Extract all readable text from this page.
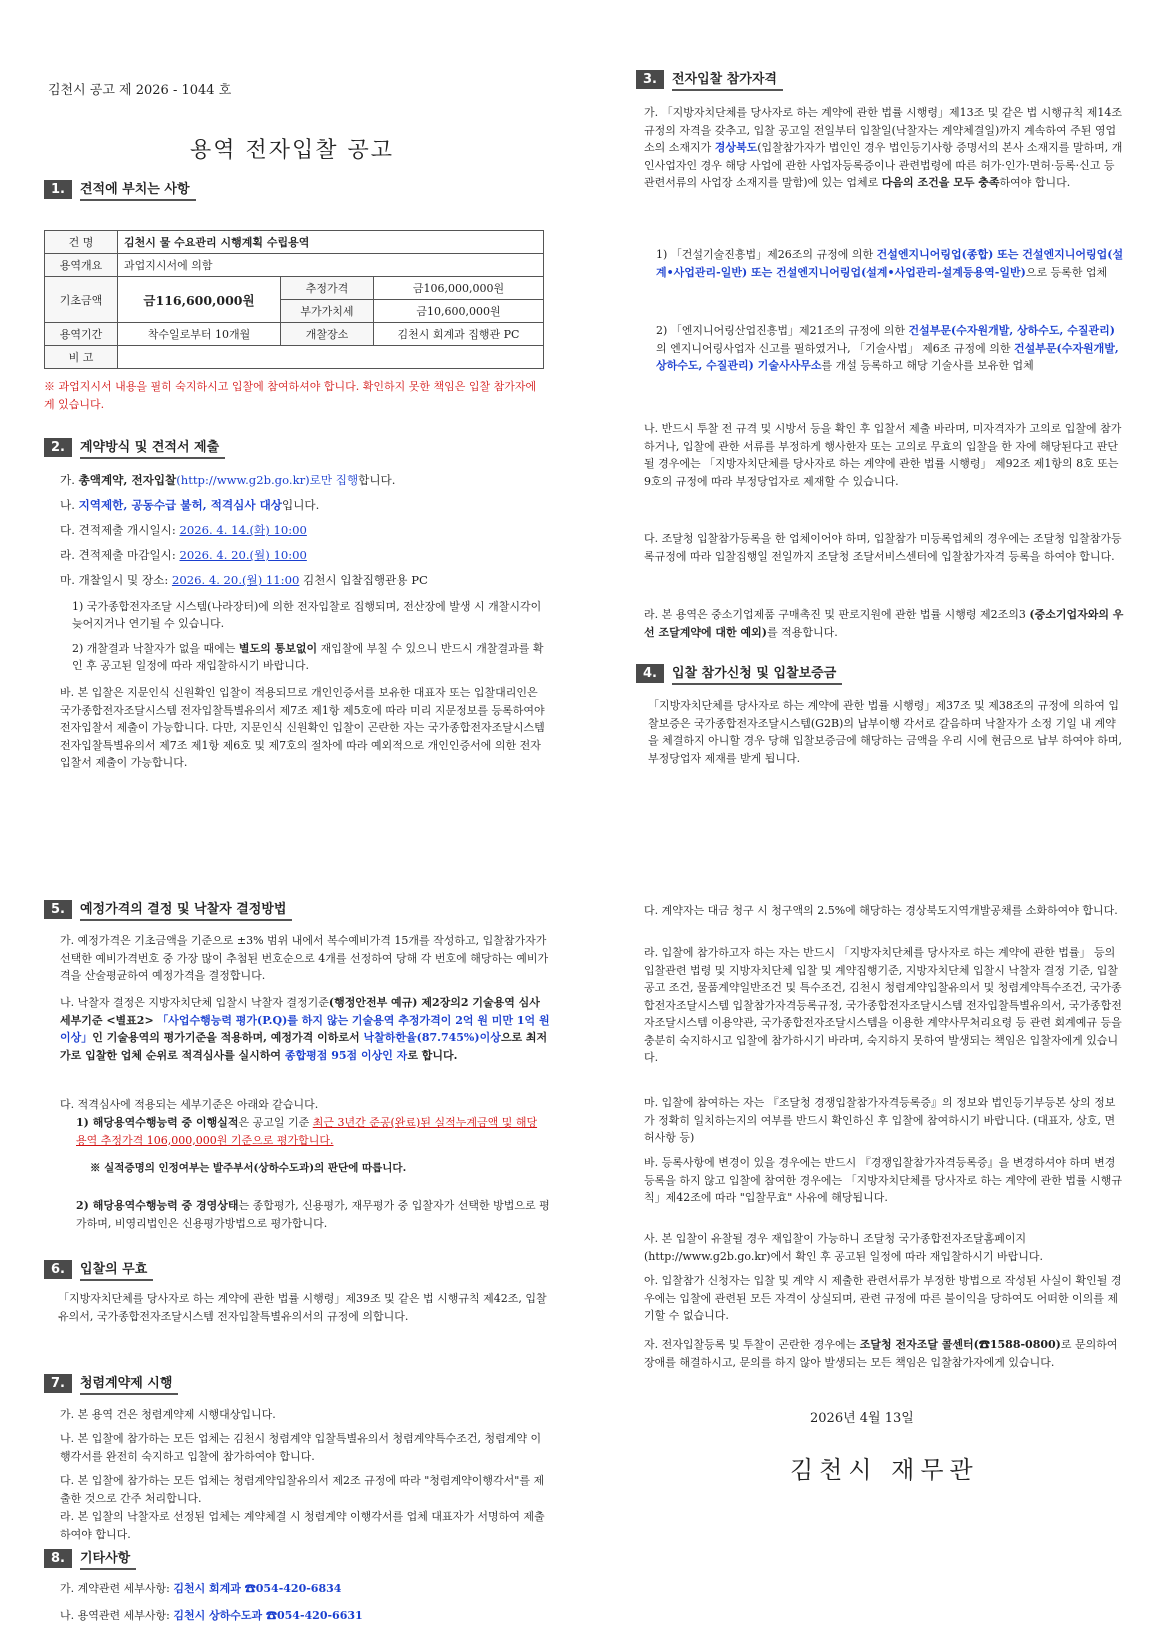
김천시 공고 제 2026 - 1044 호
용역 전자입찰 공고
1.	견적에 부치는 사항
건 명	김천시 물 수요관리 시행계획 수립용역		
용역개요	과업지시서에 의함		
기초금액	금116,600,000원	추정가격	금106,000,000원
		부가가치세	금10,600,000원
용역기간	착수일로부터 10개월	개찰장소	김천시 회계과 집행관 PC
비 고			
※ 과업지시서 내용을 필히 숙지하시고 입찰에 참여하셔야 합니다. 확인하지 못한 책임은 입찰 참가자에게 있습니다.
2.	계약방식 및 견적서 제출
가. 총액계약, 전자입찰(http://www.g2b.go.kr)로만 집행합니다.
나. 지역제한, 공동수급 불허, 적격심사 대상입니다.
다. 견적제출 개시일시: 2026. 4. 14.(화) 10:00
라. 견적제출 마감일시: 2026. 4. 20.(월) 10:00
마. 개찰일시 및 장소: 2026. 4. 20.(월) 11:00 김천시 입찰집행관용 PC
1) 국가종합전자조달 시스템(나라장터)에 의한 전자입찰로 집행되며, 전산장에 발생 시 개찰시각이 늦어지거나 연기될 수 있습니다.
2) 개찰결과 낙찰자가 없을 때에는 별도의 통보없이 재입찰에 부칠 수 있으니 반드시 개찰결과를 확인 후 공고된 일정에 따라 재입찰하시기 바랍니다.
바. 본 입찰은 지문인식 신원확인 입찰이 적용되므로 개인인증서를 보유한 대표자 또는 입찰대리인은 국가종합전자조달시스템 전자입찰특별유의서 제7조 제1항 제5호에 따라 미리 지문정보를 등록하여야 전자입찰서 제출이 가능합니다. 다만, 지문인식 신원확인 입찰이 곤란한 자는 국가종합전자조달시스템 전자입찰특별유의서 제7조 제1항 제6호 및 제7호의 절차에 따라 예외적으로 개인인증서에 의한 전자입찰서 제출이 가능합니다.
3.	전자입찰 참가자격
가. 「지방자치단체를 당사자로 하는 계약에 관한 법률 시행령」제13조 및 같은 법 시행규칙 제14조 규정의 자격을 갖추고, 입찰 공고일 전일부터 입찰일(낙찰자는 계약체결일)까지 계속하여 주된 영업소의 소재지가 경상북도(입찰참가자가 법인인 경우 법인등기사항 증명서의 본사 소재지를 말하며, 개인사업자인 경우 해당 사업에 관한 사업자등록증이나 관련법령에 따른 허가·인가·면허·등록·신고 등 관련서류의 사업장 소재지를 말함)에 있는 업체로 다음의 조건을 모두 충족하여야 합니다.
1) 「건설기술진흥법」제26조의 규정에 의한 건설엔지니어링업(종합) 또는 건설엔지니어링업(설계•사업관리-일반) 또는 건설엔지니어링업(설계•사업관리-설계등용역-일반)으로 등록한 업체
2) 「엔지니어링산업진흥법」제21조의 규정에 의한 건설부문(수자원개발, 상하수도, 수질관리)의 엔지니어링사업자 신고를 필하였거나, 「기술사법」 제6조 규정에 의한 건설부문(수자원개발, 상하수도, 수질관리) 기술사사무소를 개설 등록하고 해당 기술사를 보유한 업체
나. 반드시 투찰 전 규격 및 시방서 등을 확인 후 입찰서 제출 바라며, 미자격자가 고의로 입찰에 참가하거나, 입찰에 관한 서류를 부정하게 행사한자 또는 고의로 무효의 입찰을 한 자에 해당된다고 판단될 경우에는 「지방자치단체를 당사자로 하는 계약에 관한 법률 시행령」 제92조 제1항의 8호 또는 9호의 규정에 따라 부정당업자로 제재할 수 있습니다.
다. 조달청 입찰참가등록을 한 업체이어야 하며, 입찰참가 미등록업체의 경우에는 조달청 입찰참가등록규정에 따라 입찰집행일 전일까지 조달청 조달서비스센터에 입찰참가자격 등록을 하여야 합니다.
라. 본 용역은 중소기업제품 구매촉진 및 판로지원에 관한 법률 시행령 제2조의3 (중소기업자와의 우선 조달계약에 대한 예외)를 적용합니다.
4.	입찰 참가신청 및 입찰보증금
「지방자치단체를 당사자로 하는 계약에 관한 법률 시행령」제37조 및 제38조의 규정에 의하여 입찰보증은 국가종합전자조달시스템(G2B)의 납부이행 각서로 갈음하며 낙찰자가 소정 기일 내 계약을 체결하지 아니할 경우 당해 입찰보증금에 해당하는 금액을 우리 시에 현금으로 납부 하여야 하며, 부정당업자 제재를 받게 됩니다.
5.	예정가격의 결정 및 낙찰자 결정방법
가. 예정가격은 기초금액을 기준으로 ±3% 범위 내에서 복수예비가격 15개를 작성하고, 입찰참가자가 선택한 예비가격번호 중 가장 많이 추첨된 번호순으로 4개를 선정하여 당해 각 번호에 해당하는 예비가격을 산술평균하여 예정가격을 결정합니다.
나. 낙찰자 결정은 지방자치단체 입찰시 낙찰자 결정기준(행정안전부 예규) 제2장의2 기술용역 심사 세부기준 <별표2> 「사업수행능력 평가(P.Q)를 하지 않는 기술용역 추정가격이 2억 원 미만 1억 원 이상」인 기술용역의 평가기준을 적용하며, 예정가격 이하로서 낙찰하한율(87.745%)이상으로 최저가로 입찰한 업체 순위로 적격심사를 실시하여 종합평점 95점 이상인 자로 합니다.
다. 적격심사에 적용되는 세부기준은 아래와 같습니다.
1) 해당용역수행능력 중 이행실적은 공고일 기준 최근 3년간 준공(완료)된 실적누계금액 및 해당 용역 추정가격 106,000,000원 기준으로 평가합니다.
※ 실적증명의 인정여부는 발주부서(상하수도과)의 판단에 따릅니다.
2) 해당용역수행능력 중 경영상태는 종합평가, 신용평가, 재무평가 중 입찰자가 선택한 방법으로 평가하며, 비영리법인은 신용평가방법으로 평가합니다.
6.	입찰의 무효
「지방자치단체를 당사자로 하는 계약에 관한 법률 시행령」제39조 및 같은 법 시행규칙 제42조, 입찰유의서, 국가종합전자조달시스템 전자입찰특별유의서의 규정에 의합니다.
7.	청렴계약제 시행
가. 본 용역 건은 청렴계약제 시행대상입니다.
나. 본 입찰에 참가하는 모든 업체는 김천시 청렴계약 입찰특별유의서 청렴계약특수조건, 청렴계약 이행각서를 완전히 숙지하고 입찰에 참가하여야 합니다.
다. 본 입찰에 참가하는 모든 업체는 청렴계약입찰유의서 제2조 규정에 따라 "청렴계약이행각서"를 제출한 것으로 간주 처리합니다.
라. 본 입찰의 낙찰자로 선정된 업체는 계약체결 시 청렴계약 이행각서를 업체 대표자가 서명하여 제출하여야 합니다.
8.	기타사항
가. 계약관련 세부사항: 김천시 회계과 ☎054-420-6834
나. 용역관련 세부사항: 김천시 상하수도과 ☎054-420-6631
다. 계약자는 대금 청구 시 청구액의 2.5%에 해당하는 경상북도지역개발공채를 소화하여야 합니다.
라. 입찰에 참가하고자 하는 자는 반드시 「지방자치단체를 당사자로 하는 계약에 관한 법률」 등의 입찰관련 법령 및 지방자치단체 입찰 및 계약집행기준, 지방자치단체 입찰시 낙찰자 결정 기준, 입찰공고 조건, 물품계약일반조건 및 특수조건, 김천시 청렴계약입찰유의서 및 청렴계약특수조건, 국가종합전자조달시스템 입찰참가자격등록규정, 국가종합전자조달시스템 전자입찰특별유의서, 국가종합전자조달시스템 이용약관, 국가종합전자조달시스템을 이용한 계약사무처리요령 등 관련 회계예규 등을 충분히 숙지하시고 입찰에 참가하시기 바라며, 숙지하지 못하여 발생되는 책임은 입찰자에게 있습니다.
마. 입찰에 참여하는 자는 『조달청 경쟁입찰참가자격등록증』의 정보와 법인등기부등본 상의 정보가 정확히 일치하는지의 여부를 반드시 확인하신 후 입찰에 참여하시기 바랍니다. (대표자, 상호, 면허사항 등)
바. 등록사항에 변경이 있을 경우에는 반드시 『경쟁입찰참가자격등록증』을 변경하셔야 하며 변경등록을 하지 않고 입찰에 참여한 경우에는 「지방자치단체를 당사자로 하는 계약에 관한 법률 시행규칙」제42조에 따라 "입찰무효" 사유에 해당됩니다.
사. 본 입찰이 유찰될 경우 재입찰이 가능하니 조달청 국가종합전자조달홈페이지(http://www.g2b.go.kr)에서 확인 후 공고된 일정에 따라 재입찰하시기 바랍니다.
아. 입찰참가 신청자는 입찰 및 계약 시 제출한 관련서류가 부정한 방법으로 작성된 사실이 확인될 경우에는 입찰에 관련된 모든 자격이 상실되며, 관련 규정에 따른 불이익을 당하여도 어떠한 이의를 제기할 수 없습니다.
자. 전자입찰등록 및 투찰이 곤란한 경우에는 조달청 전자조달 콜센터(☎1588-0800)로 문의하여 장애를 해결하시고, 문의를 하지 않아 발생되는 모든 책임은 입찰참가자에게 있습니다.
2026년 4월 13일
김천시 재무관
